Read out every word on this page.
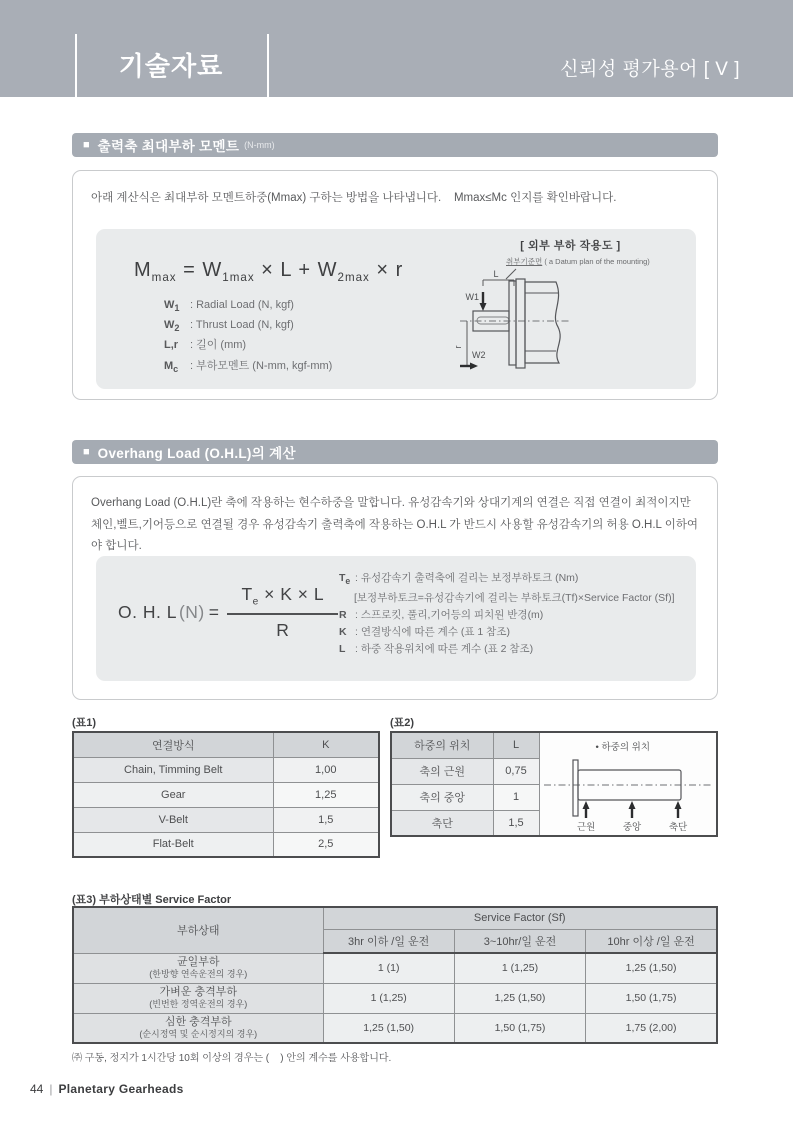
기술자료	신뢰성 평가용어 [ V ]
■ 출력축 최대부하 모멘트 (N-mm)
아래 계산식은 최대부하 모멘트하중(Mmax) 구하는 방법을 나타냅니다.    Mmax≤Mc 인지를 확인바랍니다.
$M_{max} = W_{1max} \times L + W_{2max} \times r$
$W_1$ : Radial Load (N, kgf)
$W_2$ : Thrust Load (N, kgf)
L,r	: 길이 (mm)
$M_c$	: 부하모멘트 (N-mm, kgf-mm)
[ 외부 부하 작용도 ]
취부기준면 ( a Datum plan of the mounting)
L
W1
r
W2
■ Overhang Load (O.H.L)의 계산
Overhang Load (O.H.L)란 축에 작용하는 현수하중을 말합니다. 유성감속기와 상대기계의 연결은 직접 연결이 최적이지만 체인,벨트,기어등으로 연결될 경우 유성감속기 출력축에 작용하는 O.H.L 가 반드시 사용할 유성감속기의 허용 O.H.L 이하여야 합니다.
O. H. L $(N) = \frac{T_e \times K \times L}{R}$
$T_e$ : 유성감속기 출력축에 걸리는 보정부하토크 (Nm)
[보정부하토크=유성감속기에 걸리는 부하토크(Tf)×Service Factor (Sf)]
R : 스프로킷, 풀리,기어등의 피치원 반경(m)
K : 연결방식에 따른 계수 (표 1 참조)
L : 하중 작용위치에 따른 계수 (표 2 참조)
(표1)
연결방식	K
Chain, Timming Belt	1,00
Gear	1,25
V-Belt	1,5
Flat-Belt	2,5
(표2)
하중의 위치	L	• 하중의 위치
근원 중앙 축단

축의 근원	0,75	
축의 중앙	1	
축단	1,5	
(표3) 부하상태별 Service Factor
부하상태	Service Factor (Sf)		
	3hr 이하 /일 운전	3~10hr/일 운전	10hr 이상 /일 운전

균일부하
(한방향 연속운전의 경우)	1 (1)	1 (1,25)	1,25 (1,50)

가벼운 충격부하
(빈번한 정역운전의 경우)	1 (1,25)	1,25 (1,50)	1,50 (1,75)

심한 충격부하
(순시정역 및 순시정지의 경우)	1,25 (1,50)	1,50 (1,75)	1,75 (2,00)
㈜ 구동, 정지가 1시간당 10회 이상의 경우는 (    ) 안의 계수를 사용합니다.
44 | Planetary Gearheads
